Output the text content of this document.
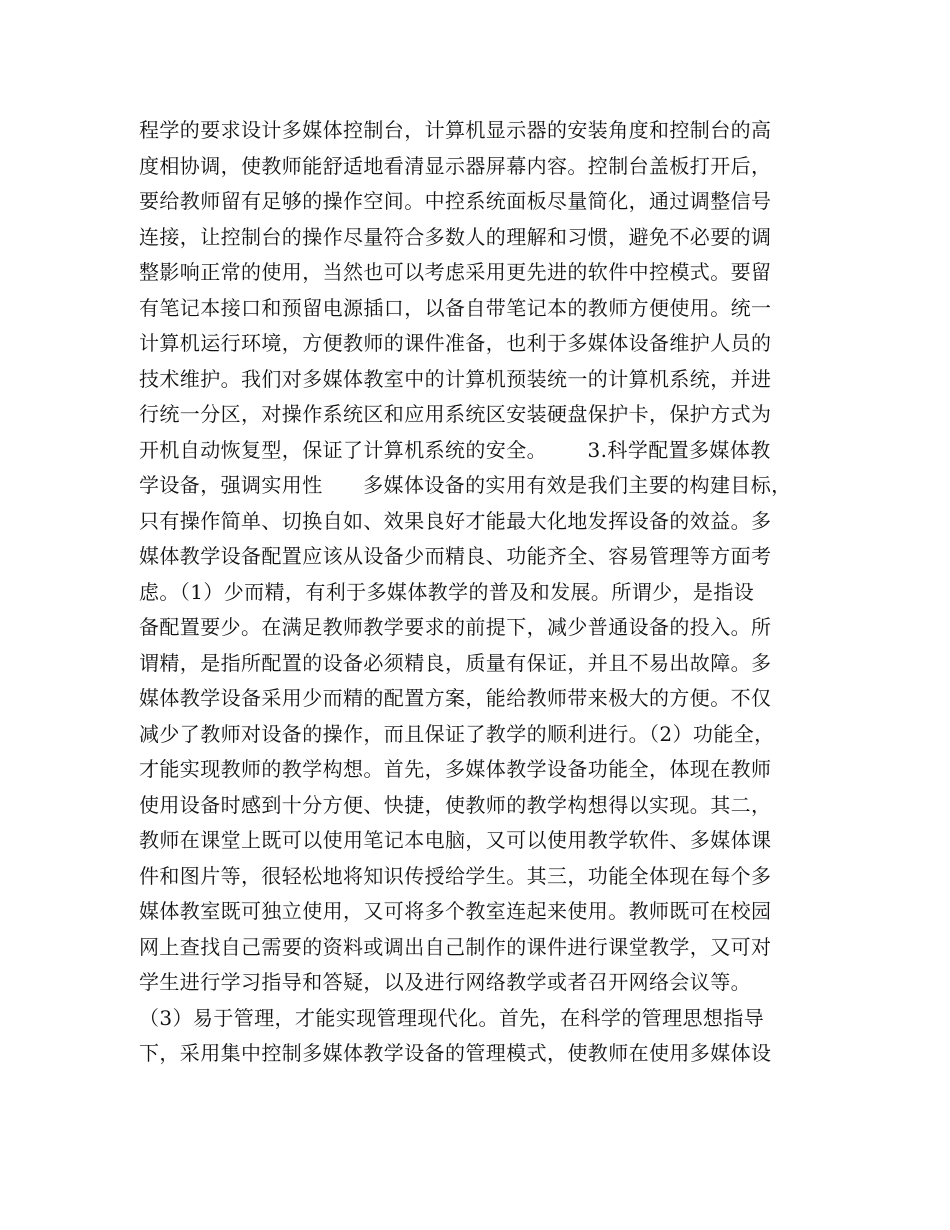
程学的要求设计多媒体控制台，计算机显示器的安装角度和控制台的高
度相协调，使教师能舒适地看清显示器屏幕内容。控制台盖板打开后，
要给教师留有足够的操作空间。中控系统面板尽量简化，通过调整信号
连接，让控制台的操作尽量符合多数人的理解和习惯，避免不必要的调
整影响正常的使用，当然也可以考虑采用更先进的软件中控模式。要留
有笔记本接口和预留电源插口，以备自带笔记本的教师方便使用。统一
计算机运行环境，方便教师的课件准备，也利于多媒体设备维护人员的
技术维护。我们对多媒体教室中的计算机预装统一的计算机系统，并进
行统一分区，对操作系统区和应用系统区安装硬盘保护卡，保护方式为
开机自动恢复型，保证了计算机系统的安全。      3.科学配置多媒体教
学设备，强调实用性      多媒体设备的实用有效是我们主要的构建目标，
只有操作简单、切换自如、效果良好才能最大化地发挥设备的效益。多
媒体教学设备配置应该从设备少而精良、功能齐全、容易管理等方面考
虑。（1）少而精，有利于多媒体教学的普及和发展。所谓少，是指设
备配置要少。在满足教师教学要求的前提下，减少普通设备的投入。所
谓精，是指所配置的设备必须精良，质量有保证，并且不易出故障。多
媒体教学设备采用少而精的配置方案，能给教师带来极大的方便。不仅
减少了教师对设备的操作，而且保证了教学的顺利进行。（2）功能全，
才能实现教师的教学构想。首先，多媒体教学设备功能全，体现在教师
使用设备时感到十分方便、快捷，使教师的教学构想得以实现。其二，
教师在课堂上既可以使用笔记本电脑，又可以使用教学软件、多媒体课
件和图片等，很轻松地将知识传授给学生。其三，功能全体现在每个多
媒体教室既可独立使用，又可将多个教室连起来使用。教师既可在校园
网上查找自己需要的资料或调出自己制作的课件进行课堂教学，又可对
学生进行学习指导和答疑，以及进行网络教学或者召开网络会议等。
（3）易于管理，才能实现管理现代化。首先，在科学的管理思想指导
下，采用集中控制多媒体教学设备的管理模式，使教师在使用多媒体设
